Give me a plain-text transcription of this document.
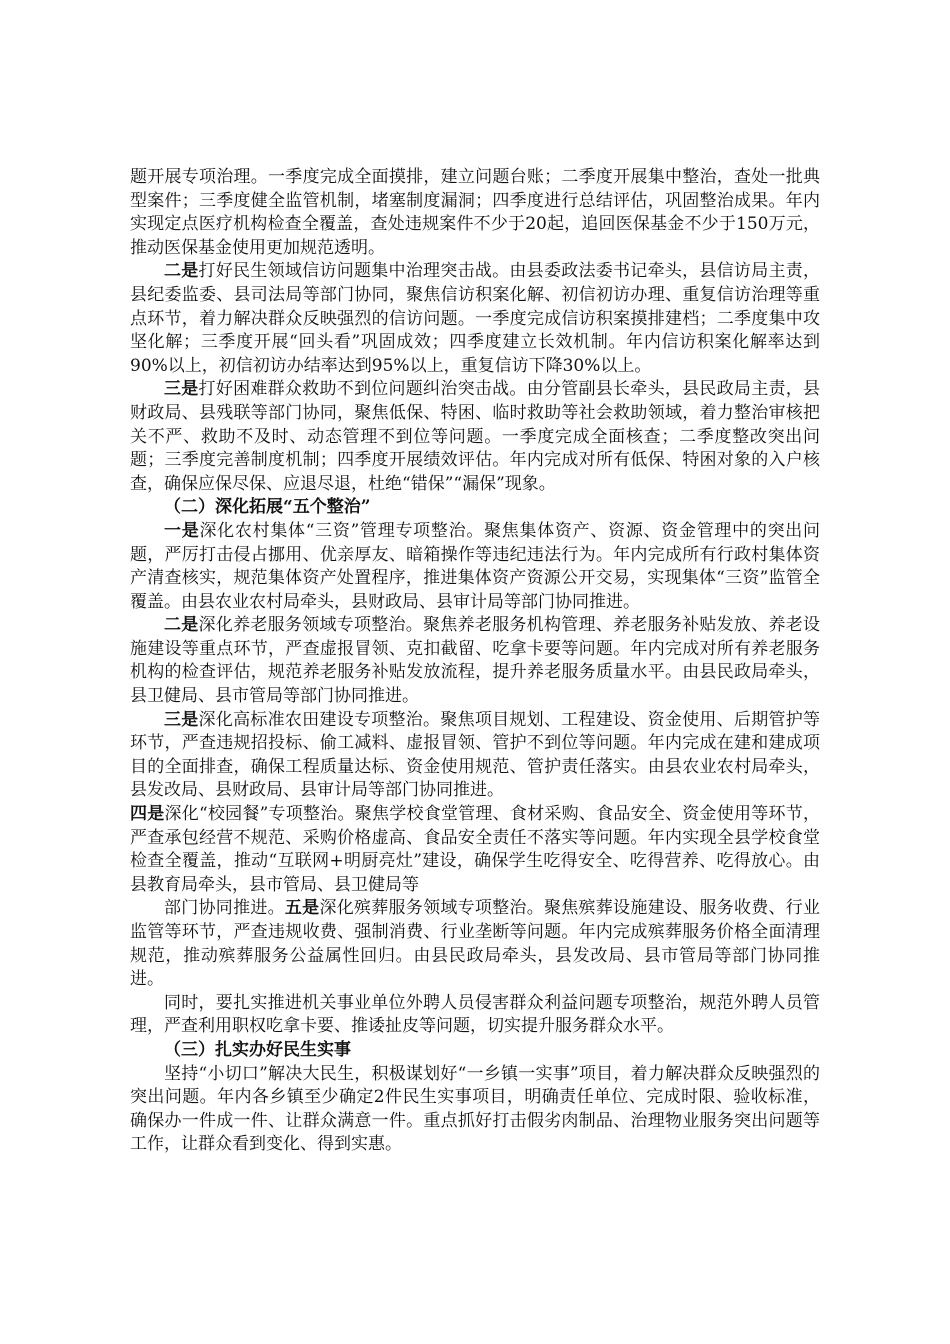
题开展专项治理。一季度完成全面摸排，建立问题台账；二季度开展集中整治，查处一批典型案件；三季度健全监管机制，堵塞制度漏洞；四季度进行总结评估，巩固整治成果。年内实现定点医疗机构检查全覆盖，查处违规案件不少于20起，追回医保基金不少于150万元，推动医保基金使用更加规范透明。

二是打好民生领域信访问题集中治理突击战。由县委政法委书记牵头，县信访局主责，县纪委监委、县司法局等部门协同，聚焦信访积案化解、初信初访办理、重复信访治理等重点环节，着力解决群众反映强烈的信访问题。一季度完成信访积案摸排建档；二季度集中攻坚化解；三季度开展“回头看”巩固成效；四季度建立长效机制。年内信访积案化解率达到90%以上，初信初访办结率达到95%以上，重复信访下降30%以上。

三是打好困难群众救助不到位问题纠治突击战。由分管副县长牵头，县民政局主责，县财政局、县残联等部门协同，聚焦低保、特困、临时救助等社会救助领域，着力整治审核把关不严、救助不及时、动态管理不到位等问题。一季度完成全面核查；二季度整改突出问题；三季度完善制度机制；四季度开展绩效评估。年内完成对所有低保、特困对象的入户核查，确保应保尽保、应退尽退，杜绝“错保”“漏保”现象。

（二）深化拓展“五个整治”

一是深化农村集体“三资”管理专项整治。聚焦集体资产、资源、资金管理中的突出问题，严厉打击侵占挪用、优亲厚友、暗箱操作等违纪违法行为。年内完成所有行政村集体资产清查核实，规范集体资产处置程序，推进集体资产资源公开交易，实现集体“三资”监管全覆盖。由县农业农村局牵头，县财政局、县审计局等部门协同推进。

二是深化养老服务领域专项整治。聚焦养老服务机构管理、养老服务补贴发放、养老设施建设等重点环节，严查虚报冒领、克扣截留、吃拿卡要等问题。年内完成对所有养老服务机构的检查评估，规范养老服务补贴发放流程，提升养老服务质量水平。由县民政局牵头，县卫健局、县市管局等部门协同推进。

三是深化高标准农田建设专项整治。聚焦项目规划、工程建设、资金使用、后期管护等环节，严查违规招投标、偷工减料、虚报冒领、管护不到位等问题。年内完成在建和建成项目的全面排查，确保工程质量达标、资金使用规范、管护责任落实。由县农业农村局牵头，县发改局、县财政局、县审计局等部门协同推进。

四是深化“校园餐”专项整治。聚焦学校食堂管理、食材采购、食品安全、资金使用等环节，严查承包经营不规范、采购价格虚高、食品安全责任不落实等问题。年内实现全县学校食堂检查全覆盖，推动“互联网+明厨亮灶”建设，确保学生吃得安全、吃得营养、吃得放心。由县教育局牵头，县市管局、县卫健局等

部门协同推进。五是深化殡葬服务领域专项整治。聚焦殡葬设施建设、服务收费、行业监管等环节，严查违规收费、强制消费、行业垄断等问题。年内完成殡葬服务价格全面清理规范，推动殡葬服务公益属性回归。由县民政局牵头，县发改局、县市管局等部门协同推进。

同时，要扎实推进机关事业单位外聘人员侵害群众利益问题专项整治，规范外聘人员管理，严查利用职权吃拿卡要、推诿扯皮等问题，切实提升服务群众水平。

（三）扎实办好民生实事

坚持“小切口”解决大民生，积极谋划好“一乡镇一实事”项目，着力解决群众反映强烈的突出问题。年内各乡镇至少确定2件民生实事项目，明确责任单位、完成时限、验收标准，确保办一件成一件、让群众满意一件。重点抓好打击假劣肉制品、治理物业服务突出问题等工作，让群众看到变化、得到实惠。
